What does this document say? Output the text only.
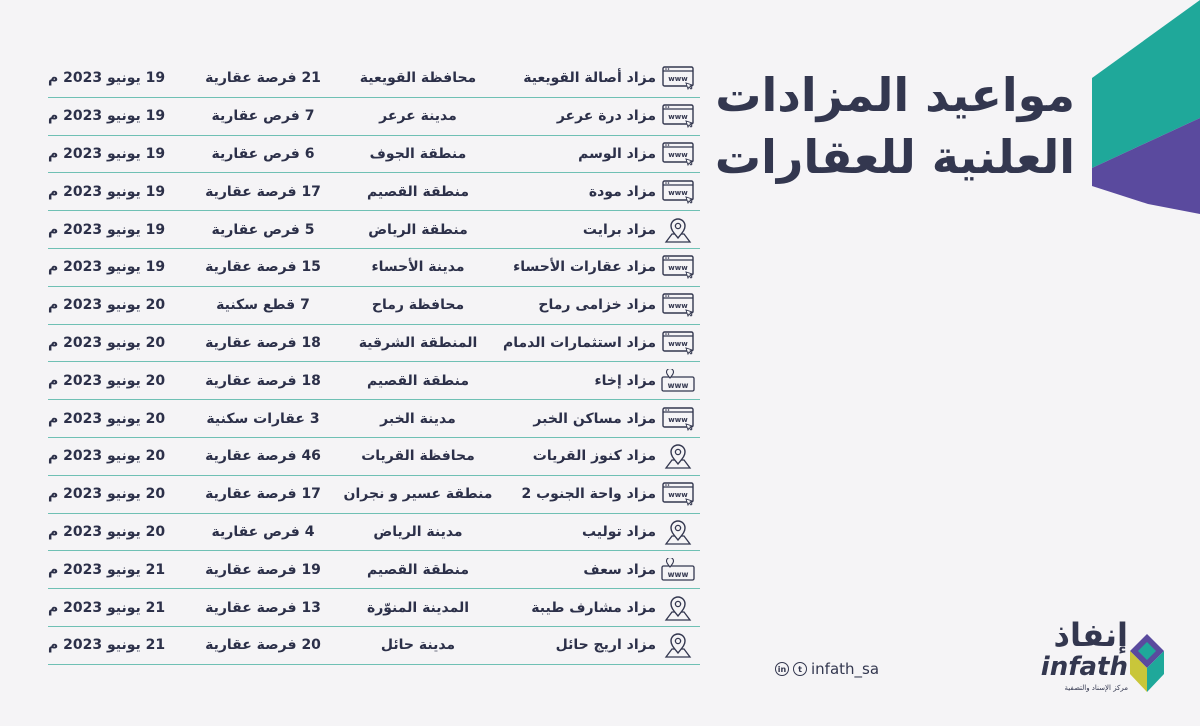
مواعيد المزادات
العلنية للعقارات
www
مزاد أصالة القويعية
محافظة القويعية
21 فرصة عقارية
19 يونيو 2023 م
www
مزاد درة عرعر
مدينة عرعر
7 فرص عقارية
19 يونيو 2023 م
www
مزاد الوسم
منطقة الجوف
6 فرص عقارية
19 يونيو 2023 م
www
مزاد مودة
منطقة القصيم
17 فرصة عقارية
19 يونيو 2023 م
مزاد برايت
منطقة الرياض
5 فرص عقارية
19 يونيو 2023 م
www
مزاد عقارات الأحساء
مدينة الأحساء
15 فرصة عقارية
19 يونيو 2023 م
www
مزاد خزامى رماح
محافظة رماح
7 قطع سكنية
20 يونيو 2023 م
www
مزاد استثمارات الدمام
المنطقة الشرقية
18 فرصة عقارية
20 يونيو 2023 م
www
مزاد إخاء
منطقة القصيم
18 فرصة عقارية
20 يونيو 2023 م
www
مزاد مساكن الخبر
مدينة الخبر
3 عقارات سكنية
20 يونيو 2023 م
مزاد كنوز القريات
محافظة القريات
46 فرصة عقارية
20 يونيو 2023 م
www
مزاد واحة الجنوب 2
منطقة عسير و نجران
17 فرصة عقارية
20 يونيو 2023 م
مزاد توليب
مدينة الرياض
4 فرص عقارية
20 يونيو 2023 م
www
مزاد سعف
منطقة القصيم
19 فرصة عقارية
21 يونيو 2023 م
مزاد مشارف طيبة
المدينة المنوّرة
13 فرصة عقارية
21 يونيو 2023 م
مزاد اريج حائل
مدينة حائل
20 فرصة عقارية
21 يونيو 2023 م
in	t infath_sa
إنفاذ
infath
مركز الإسناد والتصفية
